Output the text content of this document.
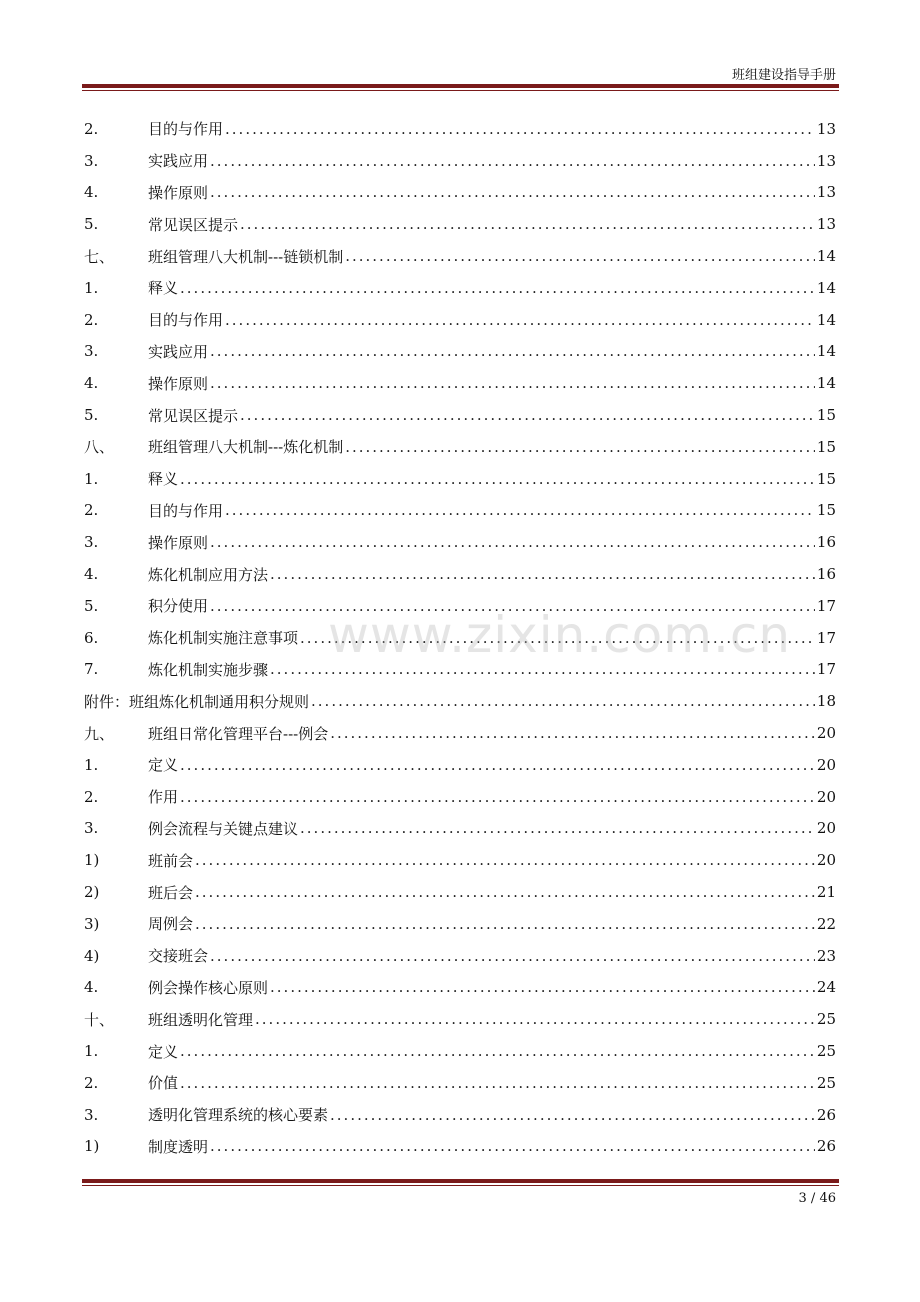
班组建设指导手册
2.	目的与作用 .....	13
3.	实践应用 .....	13
4.	操作原则 .....	13
5.	常见误区提示 .....	13
七、	班组管理八大机制---链锁机制 .....	14
1.	释义 .....	14
2.	目的与作用 .....	14
3.	实践应用 .....	14
4.	操作原则 .....	14
5.	常见误区提示 .....	15
八、	班组管理八大机制---炼化机制 .....	15
1.	释义 .....	15
2.	目的与作用 .....	15
3.	操作原则 .....	16
4.	炼化机制应用方法 .....	16
5.	积分使用 .....	17
6.	炼化机制实施注意事项 .....	17
7.	炼化机制实施步骤 .....	17
附件：班组炼化机制通用积分规则 .....	18
九、	班组日常化管理平台---例会 .....	20
1.	定义 .....	20
2.	作用 .....	20
3.	例会流程与关键点建议 .....	20
1)	班前会 .....	20
2)	班后会 .....	21
3)	周例会 .....	22
4)	交接班会 .....	23
4.	例会操作核心原则 .....	24
十、	班组透明化管理 .....	25
1.	定义 .....	25
2.	价值 .....	25
3.	透明化管理系统的核心要素 .....	26
1)	制度透明 .....	26
www.zixin.com.cn
3 / 46
